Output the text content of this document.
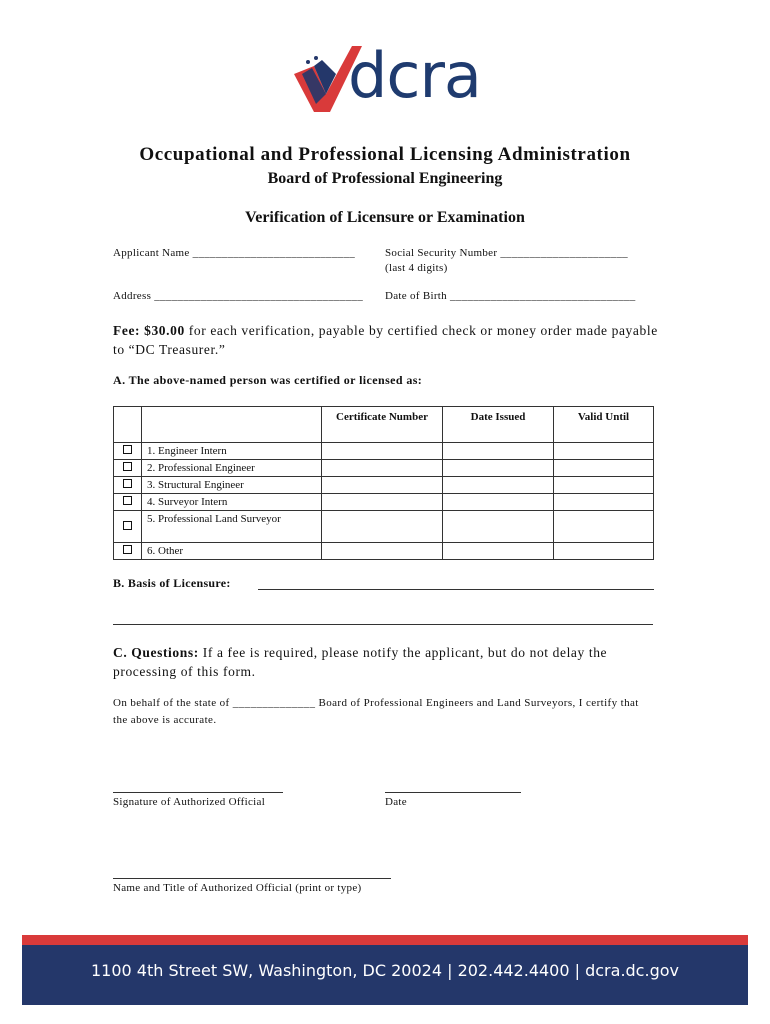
dcra
Occupational and Professional Licensing Administration
Board of Professional Engineering
Verification of Licensure or Examination
Applicant Name ____________________________	Social Security Number ______________________
(last 4 digits)
Address ____________________________________ Date of Birth ________________________________
Fee: $30.00 for each verification, payable by certified check or money order made payable to “DC Treasurer.”
A. The above-named person was certified or licensed as:
		Certificate Number	Date Issued	Valid Until
	1. Engineer Intern			
	2. Professional Engineer			
	3. Structural Engineer			
	4. Surveyor Intern			
	5. Professional Land Surveyor			
	6. Other			
B. Basis of Licensure:
C. Questions: If a fee is required, please notify the applicant, but do not delay the processing of this form.
On behalf of the state of ______________ Board of Professional Engineers and Land Surveyors, I certify that the above is accurate.
Signature of Authorized Official	Date
Name and Title of Authorized Official (print or type)
1100 4th Street SW, Washington, DC 20024 | 202.442.4400 | dcra.dc.gov
